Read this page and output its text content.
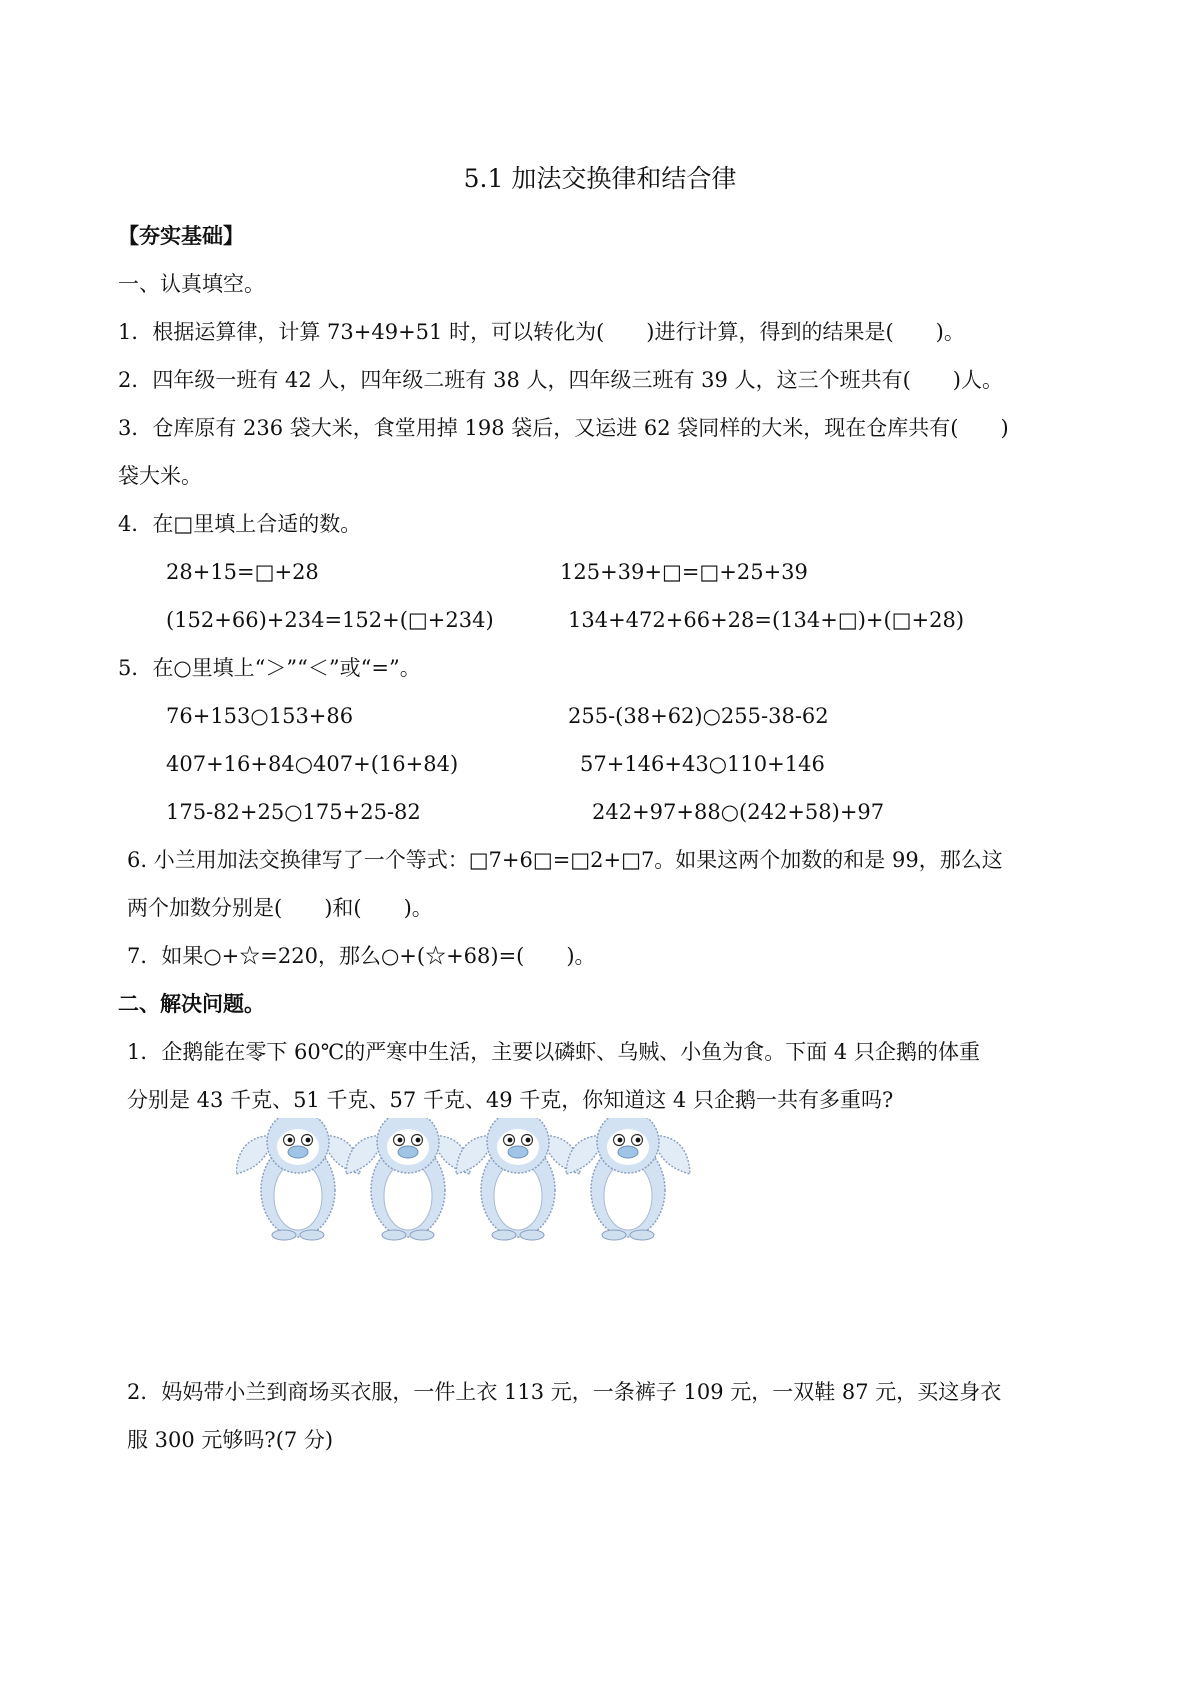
5.1 加法交换律和结合律
【夯实基础】
一、认真填空。
1．根据运算律，计算 73+49+51 时，可以转化为(　　)进行计算，得到的结果是(　　)。
2．四年级一班有 42 人，四年级二班有 38 人，四年级三班有 39 人，这三个班共有(　　)人。
3．仓库原有 236 袋大米，食堂用掉 198 袋后，又运进 62 袋同样的大米，现在仓库共有(　　)
袋大米。
4．在□里填上合适的数。
28+15=□+28	125+39+□=□+25+39
(152+66)+234=152+(□+234)	134+472+66+28=(134+□)+(□+28)
5．在○里填上“＞”“＜”或“=”。
76+153○153+86	255-(38+62)○255-38-62
407+16+84○407+(16+84)	57+146+43○110+146
175-82+25○175+25-82	242+97+88○(242+58)+97
6. 小兰用加法交换律写了一个等式：□7+6□=□2+□7。如果这两个加数的和是 99，那么这
两个加数分别是(　　)和(　　)。
7．如果○+☆=220，那么○+(☆+68)=(　　)。
二、解决问题。
1．企鹅能在零下 60℃的严寒中生活，主要以磷虾、乌贼、小鱼为食。下面 4 只企鹅的体重
分别是 43 千克、51 千克、57 千克、49 千克，你知道这 4 只企鹅一共有多重吗?
2．妈妈带小兰到商场买衣服，一件上衣 113 元，一条裤子 109 元，一双鞋 87 元，买这身衣
服 300 元够吗?(7 分)
